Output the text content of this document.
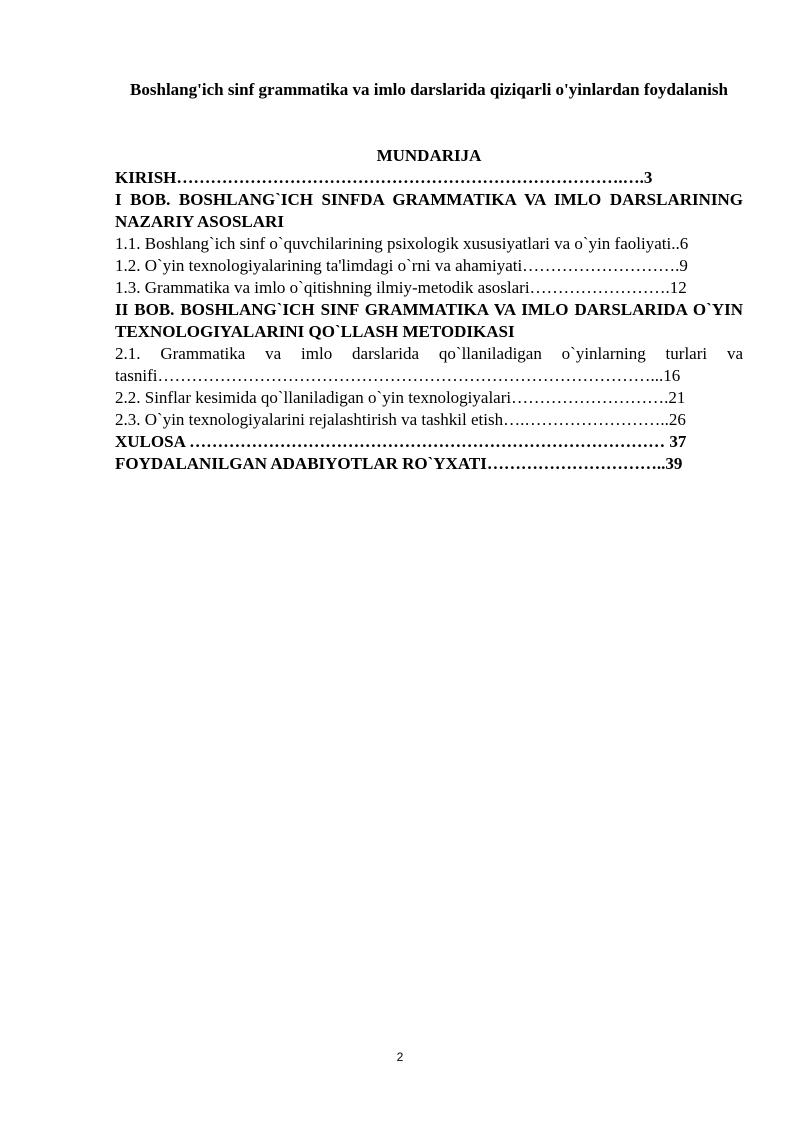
Boshlang'ich sinf grammatika va imlo darslarida qiziqarli o'yinlardan foydalanish
MUNDARIJA
KIRISH…………………………………………………………………….….3
I BOB. BOSHLANG`ICH SINFDA GRAMMATIKA VA IMLO DARSLARINING NAZARIY ASOSLARI
1.1. Boshlang`ich sinf o`quvchilarining psixologik xususiyatlari va o`yin faoliyati..6
1.2. O`yin texnologiyalarining ta'limdagi o`rni va ahamiyati……………………….9
1.3. Grammatika va imlo o`qitishning ilmiy-metodik asoslari…………………….12
II BOB. BOSHLANG`ICH SINF GRAMMATIKA VA IMLO DARSLARIDA O`YIN TEXNOLOGIYALARINI QO`LLASH METODIKASI
2.1. Grammatika va imlo darslarida qo`llaniladigan o`yinlarning turlari va tasnifi……………………………………………………………………………...16
2.2. Sinflar kesimida qo`llaniladigan o`yin texnologiyalari……………………….21
2.3. O`yin texnologiyalarini rejalashtirish va tashkil etish….……………………..26
XULOSA ………………………………………………………………………… 37
FOYDALANILGAN ADABIYOTLAR RO`YXATI…………………………..39
2
